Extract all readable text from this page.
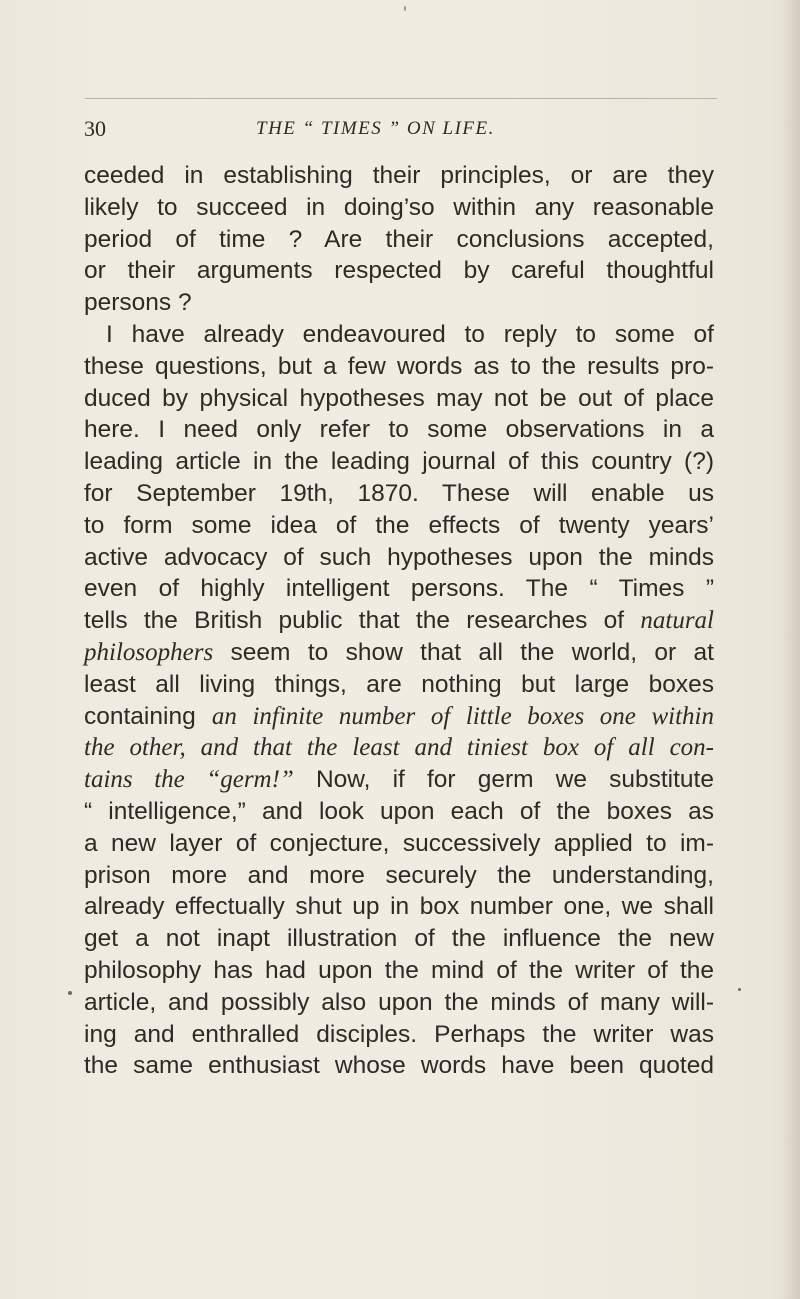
30	THE “ TIMES ” ON LIFE.
ceeded in establishing their principles, or are they
likely to succeed in doing’so within any reasonable
period of time ? Are their conclusions accepted,
or their arguments respected by careful thoughtful
persons ?
I have already endeavoured to reply to some of
these questions, but a few words as to the results pro-
duced by physical hypotheses may not be out of place
here. I need only refer to some observations in a
leading article in the leading journal of this country (?)
for September 19th, 1870. These will enable us
to form some idea of the effects of twenty years’
active advocacy of such hypotheses upon the minds
even of highly intelligent persons. The “ Times ”
tells the British public that the researches of natural
philosophers seem to show that all the world, or at
least all living things, are nothing but large boxes
containing an infinite number of little boxes one within
the other, and that the least and tiniest box of all con-
tains the “germ!” Now, if for germ we substitute
“ intelligence,” and look upon each of the boxes as
a new layer of conjecture, successively applied to im-
prison more and more securely the understanding,
already effectually shut up in box number one, we shall
get a not inapt illustration of the influence the new
philosophy has had upon the mind of the writer of the
article, and possibly also upon the minds of many will-
ing and enthralled disciples. Perhaps the writer was
the same enthusiast whose words have been quoted
